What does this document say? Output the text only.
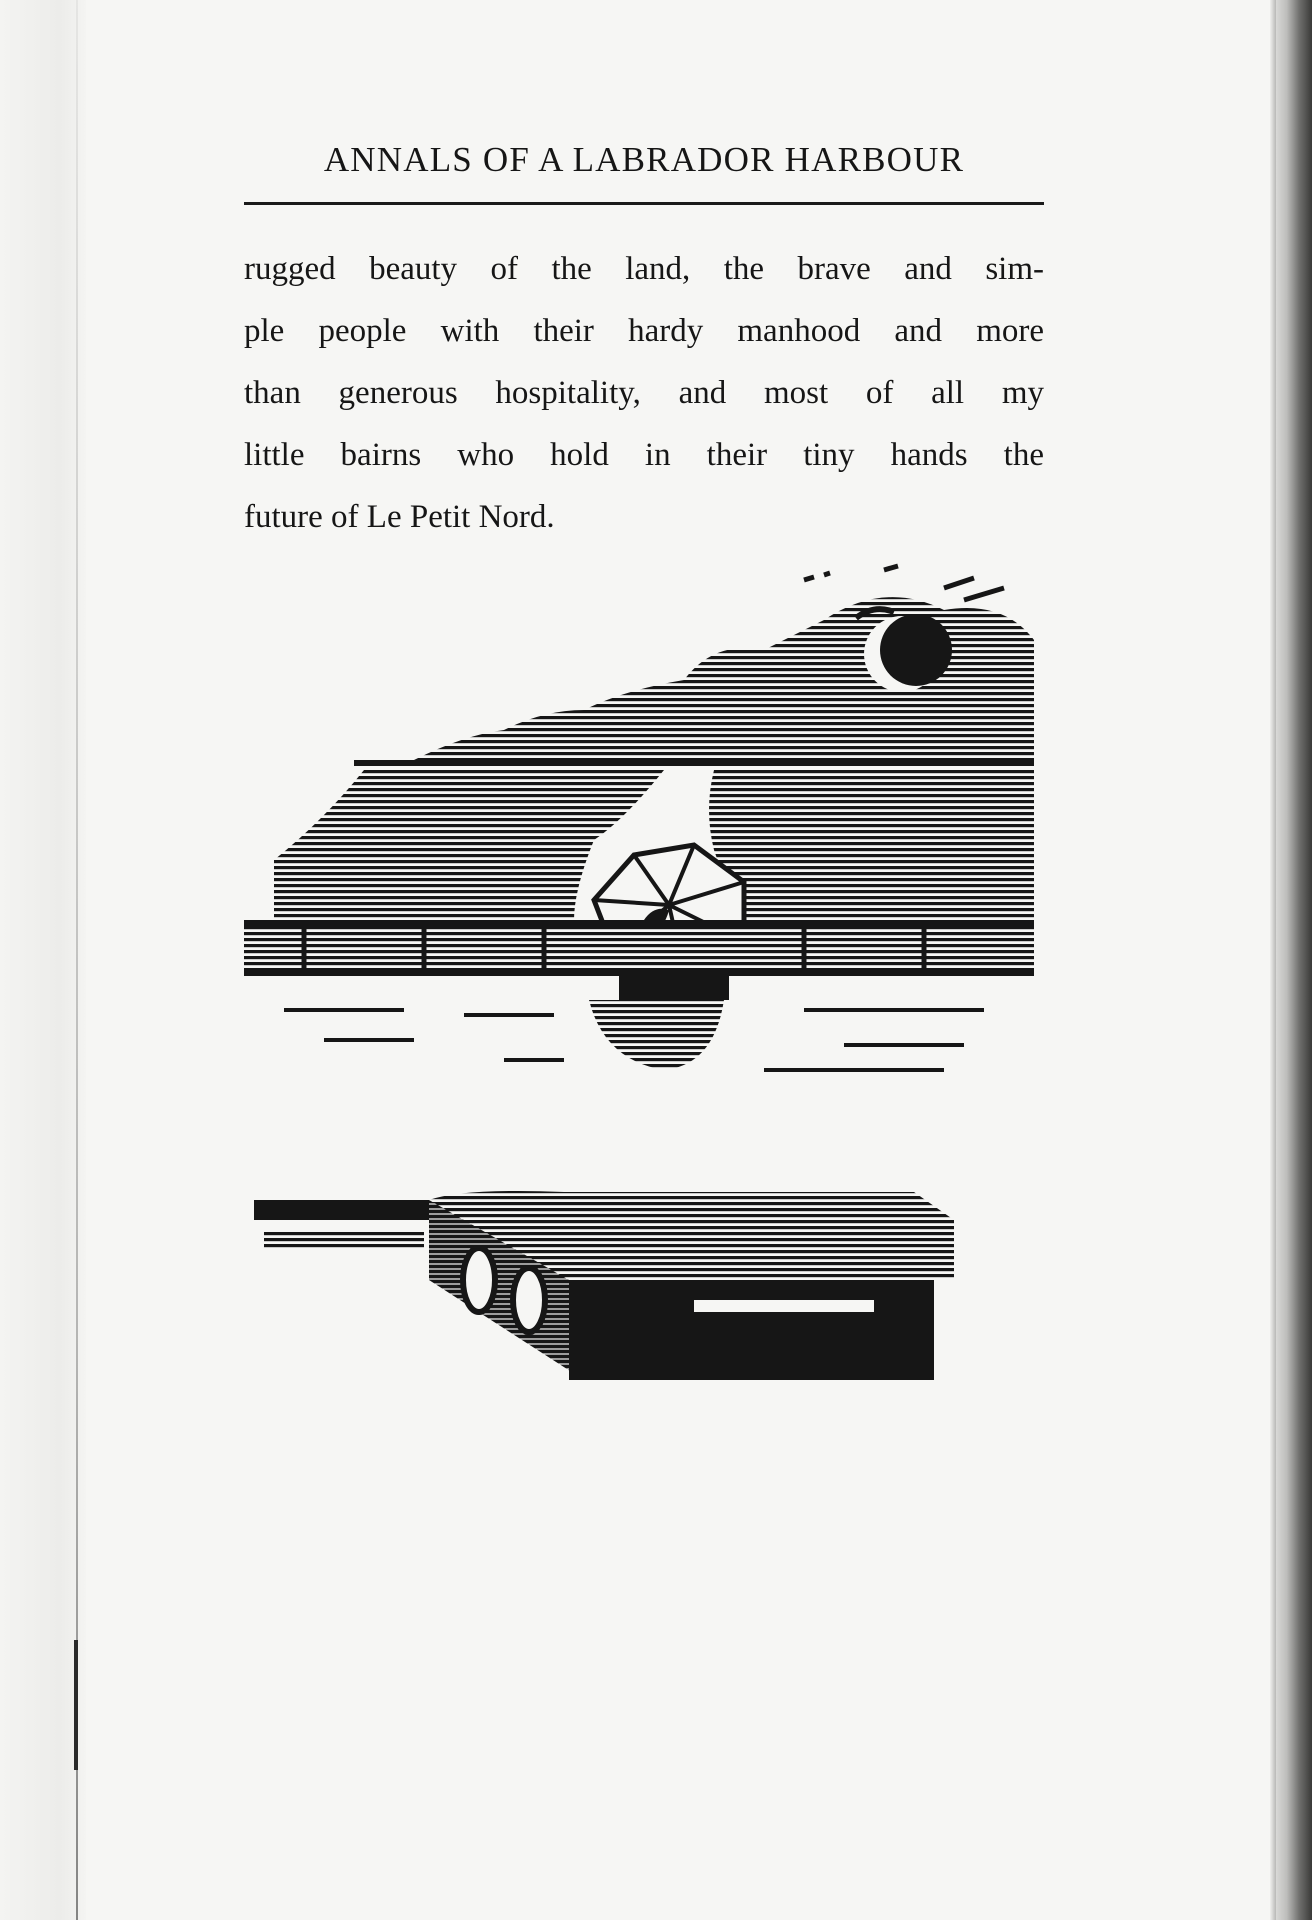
ANNALS OF A LABRADOR HARBOUR
rugged beauty of the land, the brave and sim-
ple people with their hardy manhood and more
than generous hospitality, and most of all my
little bairns who hold in their tiny hands the
future of Le Petit Nord.
